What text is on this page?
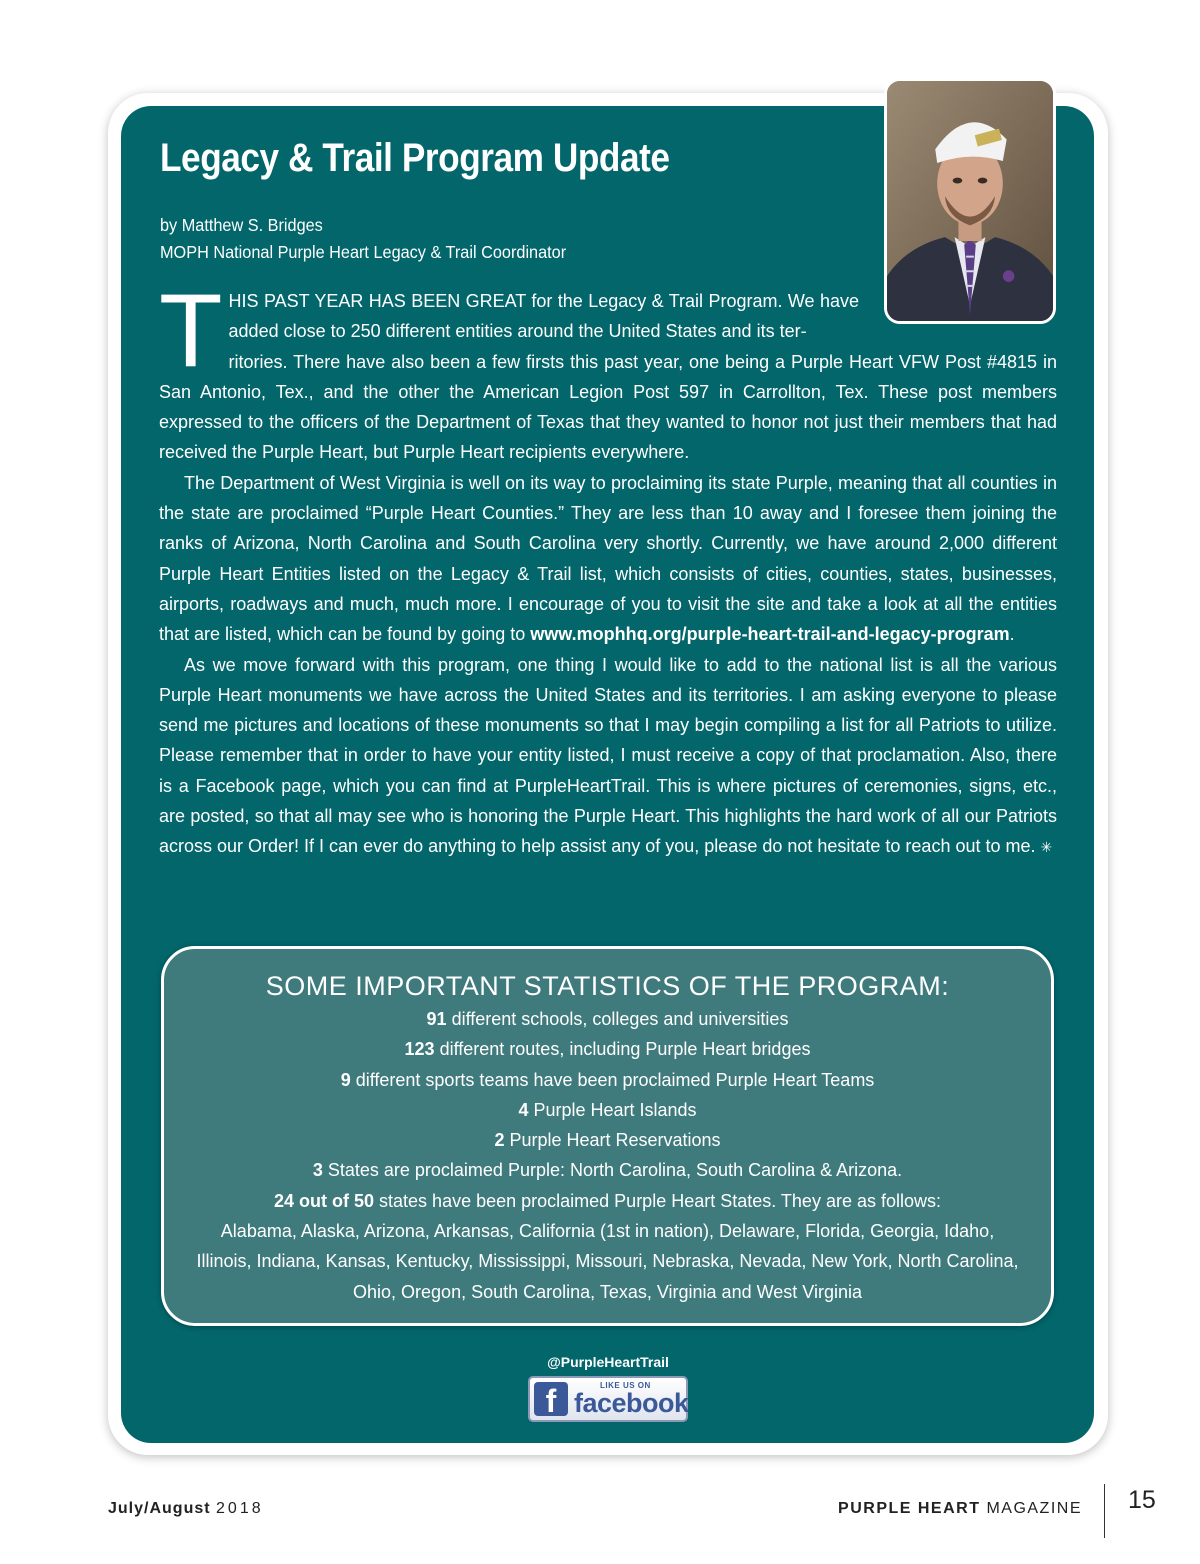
Legacy & Trail Program Update
by Matthew S. Bridges
MOPH National Purple Heart Legacy & Trail Coordinator

T HIS PAST YEAR HAS BEEN GREAT for the Legacy & Trail Program. We have added close to 250 different entities around the United States and its ter-
ritories. There have also been a few firsts this past year, one being a Purple Heart VFW Post #4815 in San Antonio, Tex., and the other the American Legion Post 597 in Carrollton, Tex. These post members expressed to the officers of the Department of Texas that they wanted to honor not just their members that had received the Purple Heart, but Purple Heart recipients everywhere.

The Department of West Virginia is well on its way to proclaiming its state Purple, meaning that all counties in the state are proclaimed “Purple Heart Counties.” They are less than 10 away and I foresee them joining the ranks of Arizona, North Carolina and South Carolina very shortly. Currently, we have around 2,000 different Purple Heart Entities listed on the Legacy & Trail list, which consists of cities, counties, states, businesses, airports, roadways and much, much more. I encourage of you to visit the site and take a look at all the entities that are listed, which can be found by going to www.mophhq.org/purple-heart-trail-and-legacy-program.

As we move forward with this program, one thing I would like to add to the national list is all the various Purple Heart monuments we have across the United States and its territories. I am asking everyone to please send me pictures and locations of these monuments so that I may begin compiling a list for all Patriots to utilize. Please remember that in order to have your entity listed, I must receive a copy of that proclamation. Also, there is a Facebook page, which you can find at PurpleHeartTrail. This is where pictures of ceremonies, signs, etc., are posted, so that all may see who is honoring the Purple Heart. This highlights the hard work of all our Patriots across our Order! If I can ever do anything to help assist any of you, please do not hesitate to reach out to me. ✳

SOME IMPORTANT STATISTICS OF THE PROGRAM:
91 different schools, colleges and universities
123 different routes, including Purple Heart bridges
9 different sports teams have been proclaimed Purple Heart Teams
4 Purple Heart Islands
2 Purple Heart Reservations
3 States are proclaimed Purple: North Carolina, South Carolina & Arizona.
24 out of 50 states have been proclaimed Purple Heart States. They are as follows:
Alabama, Alaska, Arizona, Arkansas, California (1st in nation), Delaware, Florida, Georgia, Idaho, Illinois, Indiana, Kansas, Kentucky, Mississippi, Missouri, Nebraska, Nevada, New York, North Carolina, Ohio, Oregon, South Carolina, Texas, Virginia and West Virginia
@PurpleHeartTrail
f	LIKE US ON
facebook
July/August 2018	PURPLE HEART MAGAZINE 15
